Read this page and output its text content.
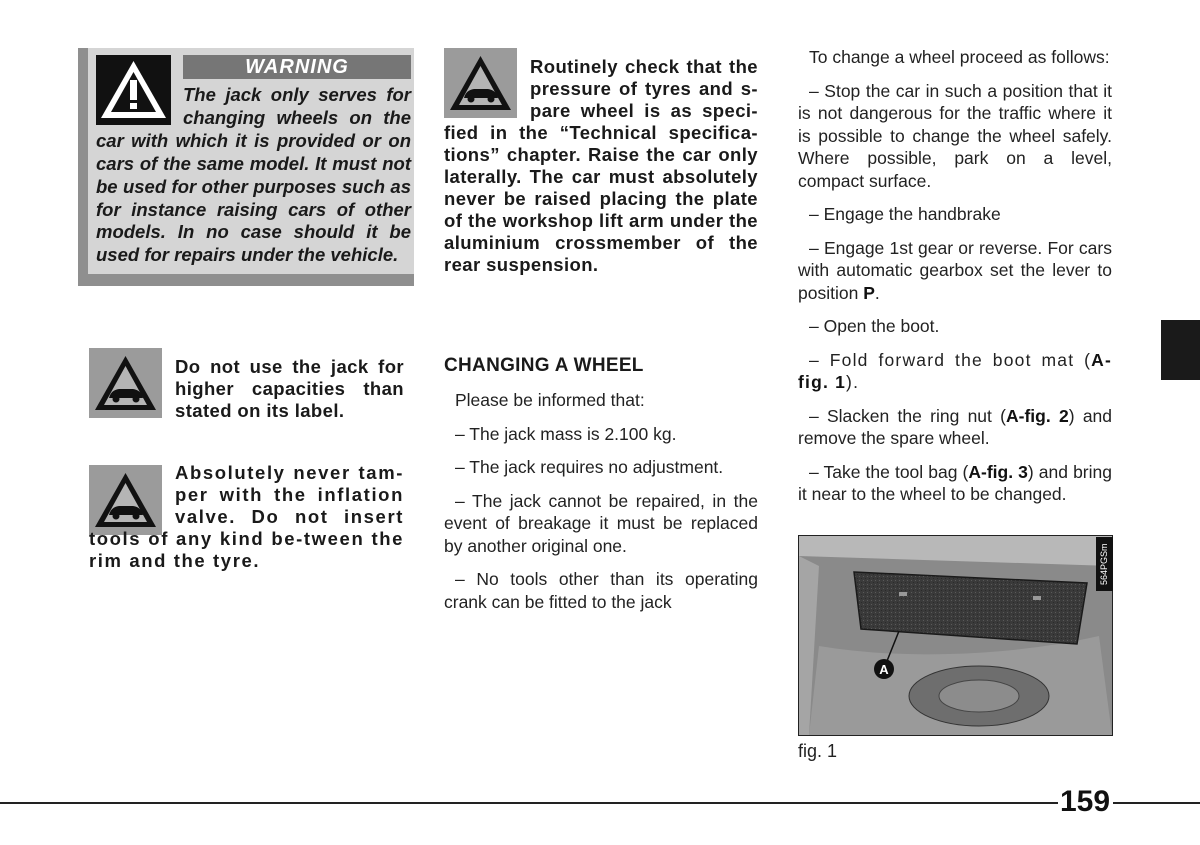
WARNING
The jack only serves for changing wheels on the car with which it is provided or on cars of the same model. It must not be used for other purposes such as for instance raising cars of other models. In no case should it be used for repairs under the vehicle.
Routinely check that the pressure of tyres and s-pare wheel is as speci-fied in the “Technical specifica-tions” chapter. Raise the car only laterally. The car must absolutely never be raised placing the plate of the workshop lift arm under the aluminium crossmember of the rear suspension.
Do not use the jack for higher capacities than stated on its label.
Absolutely never tam-per with the inflation valve. Do not insert tools of any kind be-tween the rim and the tyre.
CHANGING A WHEEL

Please be informed that:

– The jack mass is 2.100 kg.

– The jack requires no adjustment.

– The jack cannot be repaired, in the event of breakage it must be replaced by another original one.

– No tools other than its operating crank can be fitted to the jack

To change a wheel proceed as follows:

– Stop the car in such a position that it is not dangerous for the traffic where it is possible to change the wheel safely. Where possible, park on a level, compact surface.

– Engage the handbrake

– Engage 1st gear or reverse. For cars with automatic gearbox set the lever to position P.

– Open the boot.

– Fold forward the boot mat (A-fig. 1).

– Slacken the ring nut (A-fig. 2) and remove the spare wheel.

– Take the tool bag (A-fig. 3) and bring it near to the wheel to be changed.

A
564PGSm
fig. 1
159
